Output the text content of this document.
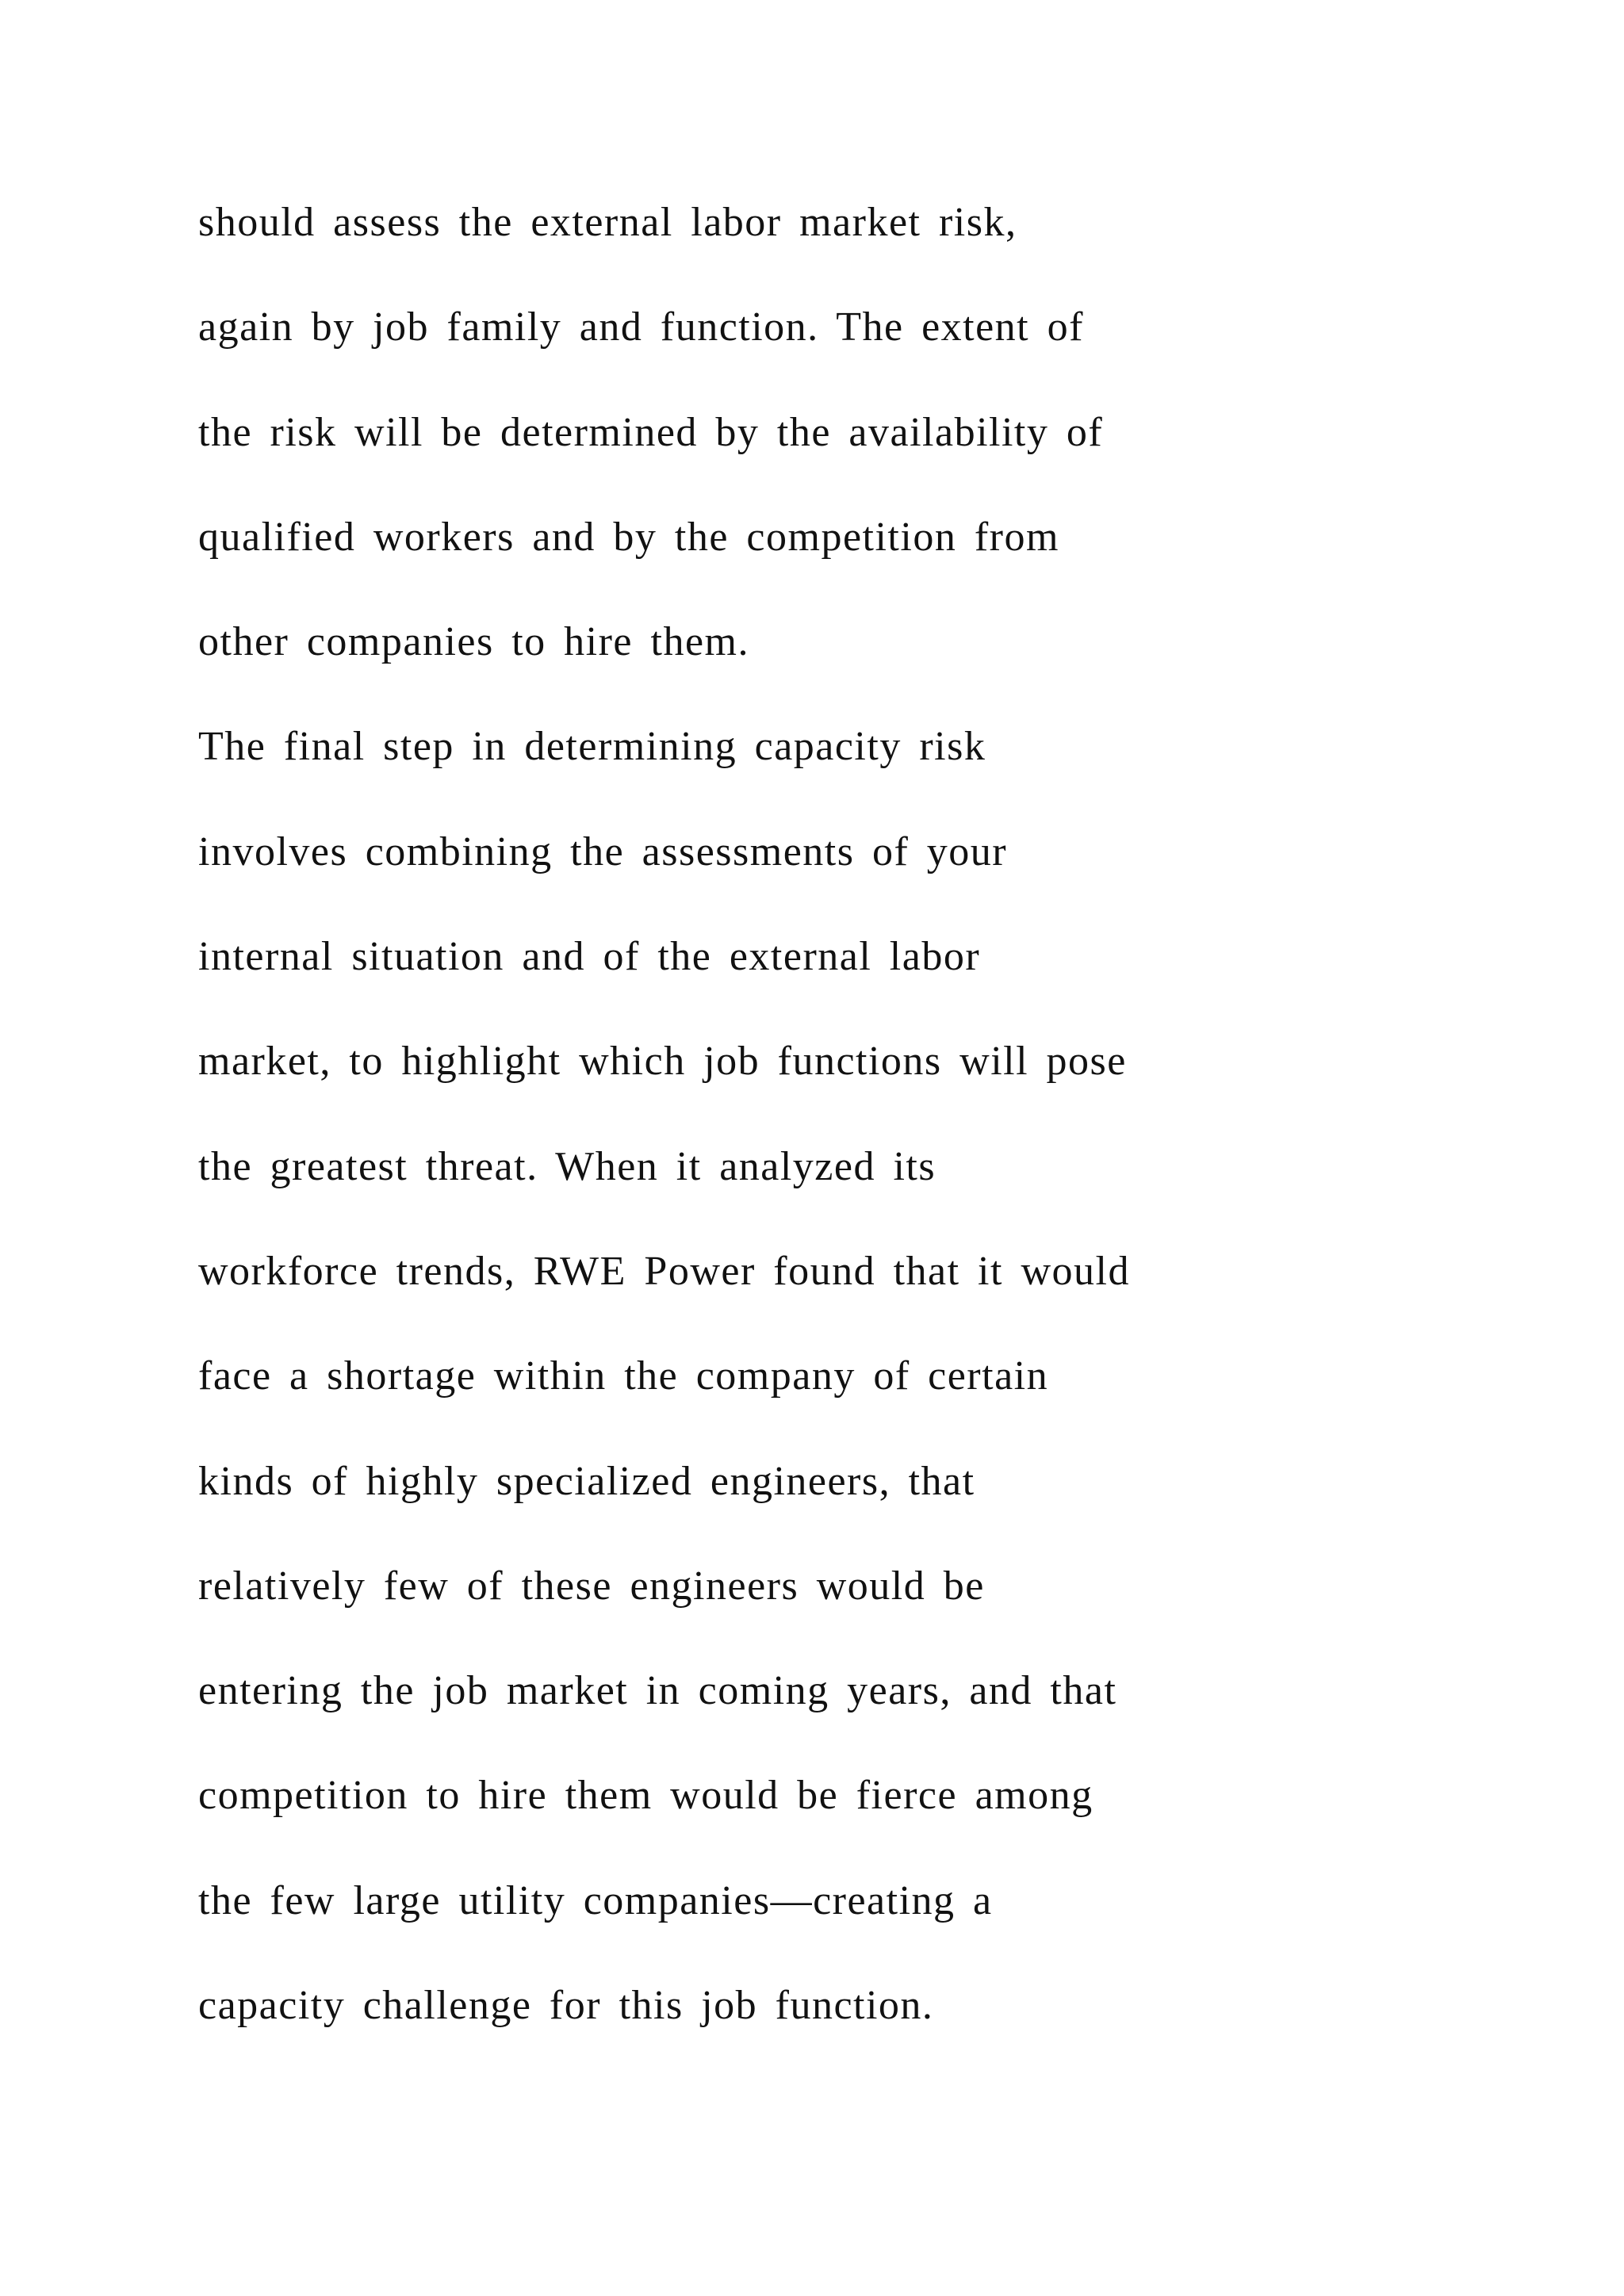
should assess the external labor market risk,
again by job family and function. The extent of
the risk will be determined by the availability of
qualified workers and by the competition from
other companies to hire them.
The final step in determining capacity risk
involves combining the assessments of your
internal situation and of the external labor
market, to highlight which job functions will pose
the greatest threat. When it analyzed its
workforce trends, RWE Power found that it would
face a shortage within the company of certain
kinds of highly specialized engineers, that
relatively few of these engineers would be
entering the job market in coming years, and that
competition to hire them would be fierce among
the few large utility companies—creating a
capacity challenge for this job function.
